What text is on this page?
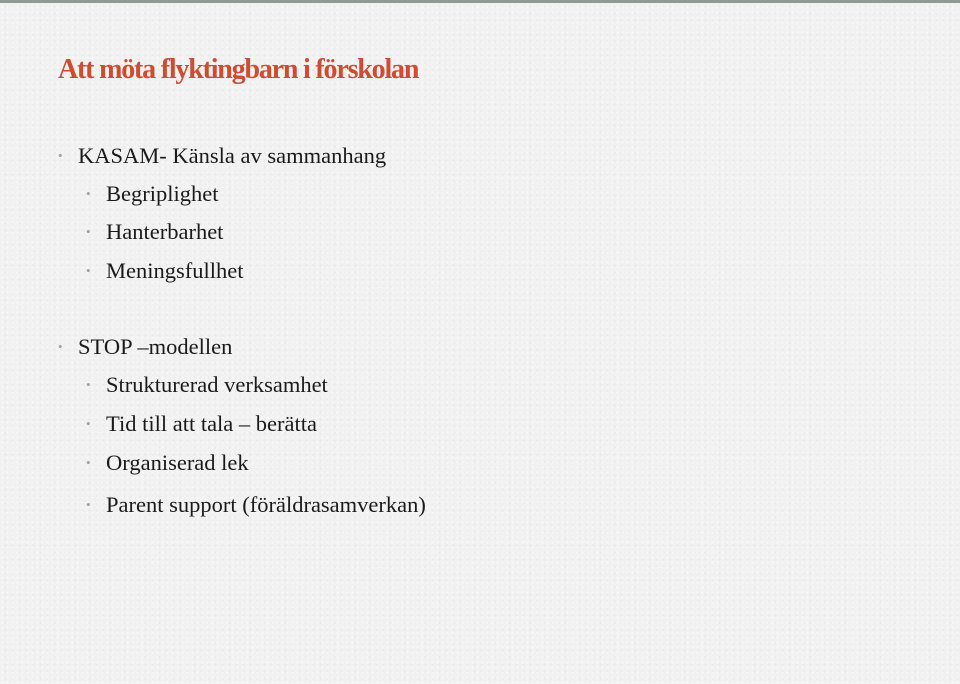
Att möta flyktingbarn i förskolan
• KASAM- Känsla av sammanhang
• Begriplighet
• Hanterbarhet
• Meningsfullhet
• STOP –modellen
• Strukturerad verksamhet
• Tid till att tala – berätta
• Organiserad lek
• Parent support (föräldrasamverkan)
